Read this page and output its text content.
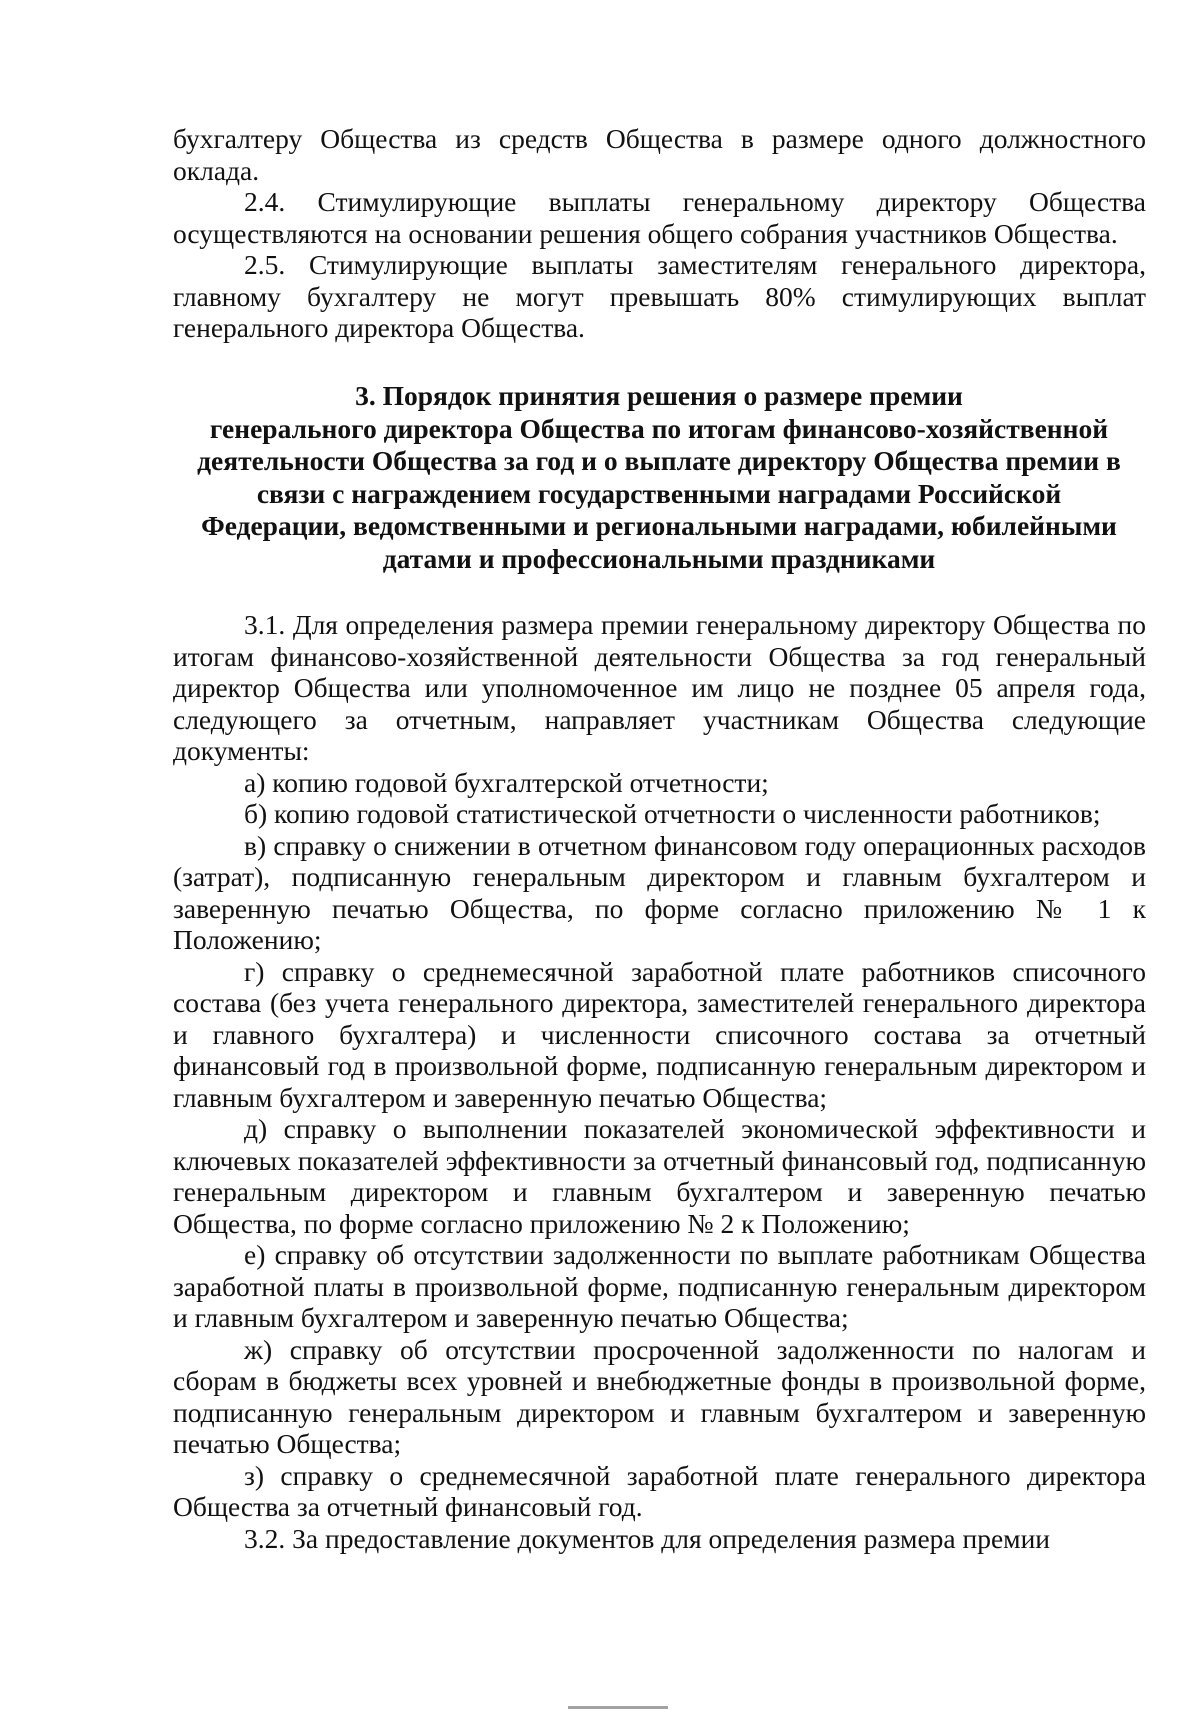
бухгалтеру Общества из средств Общества в размере одного должностного оклада.

2.4. Стимулирующие выплаты генеральному директору Общества осуществляются на основании решения общего собрания участников Общества.

2.5. Стимулирующие выплаты заместителям генерального директора, главному бухгалтеру не могут превышать 80% стимулирующих выплат генерального директора Общества.

3. Порядок принятия решения о размере премии
генерального директора Общества по итогам финансово-хозяйственной
деятельности Общества за год и о выплате директору Общества премии в
связи с награждением государственными наградами Российской
Федерации, ведомственными и региональными наградами, юбилейными
датами и профессиональными праздниками

3.1. Для определения размера премии генеральному директору Общества по итогам финансово-хозяйственной деятельности Общества за год генеральный директор Общества или уполномоченное им лицо не позднее 05 апреля года, следующего за отчетным, направляет участникам Общества следующие документы:

а) копию годовой бухгалтерской отчетности;

б) копию годовой статистической отчетности о численности работников;

в) справку о снижении в отчетном финансовом году операционных расходов (затрат), подписанную генеральным директором и главным бухгалтером и заверенную печатью Общества, по форме согласно приложению № 1 к Положению;

г) справку о среднемесячной заработной плате работников списочного состава (без учета генерального директора, заместителей генерального директора и главного бухгалтера) и численности списочного состава за отчетный финансовый год в произвольной форме, подписанную генеральным директором и главным бухгалтером и заверенную печатью Общества;

д) справку о выполнении показателей экономической эффективности и ключевых показателей эффективности за отчетный финансовый год, подписанную генеральным директором и главным бухгалтером и заверенную печатью Общества, по форме согласно приложению № 2 к Положению;

е) справку об отсутствии задолженности по выплате работникам Общества заработной платы в произвольной форме, подписанную генеральным директором и главным бухгалтером и заверенную печатью Общества;

ж) справку об отсутствии просроченной задолженности по налогам и сборам в бюджеты всех уровней и внебюджетные фонды в произвольной форме, подписанную генеральным директором и главным бухгалтером и заверенную печатью Общества;

з) справку о среднемесячной заработной плате генерального директора Общества за отчетный финансовый год.

3.2. За предоставление документов для определения размера премии
